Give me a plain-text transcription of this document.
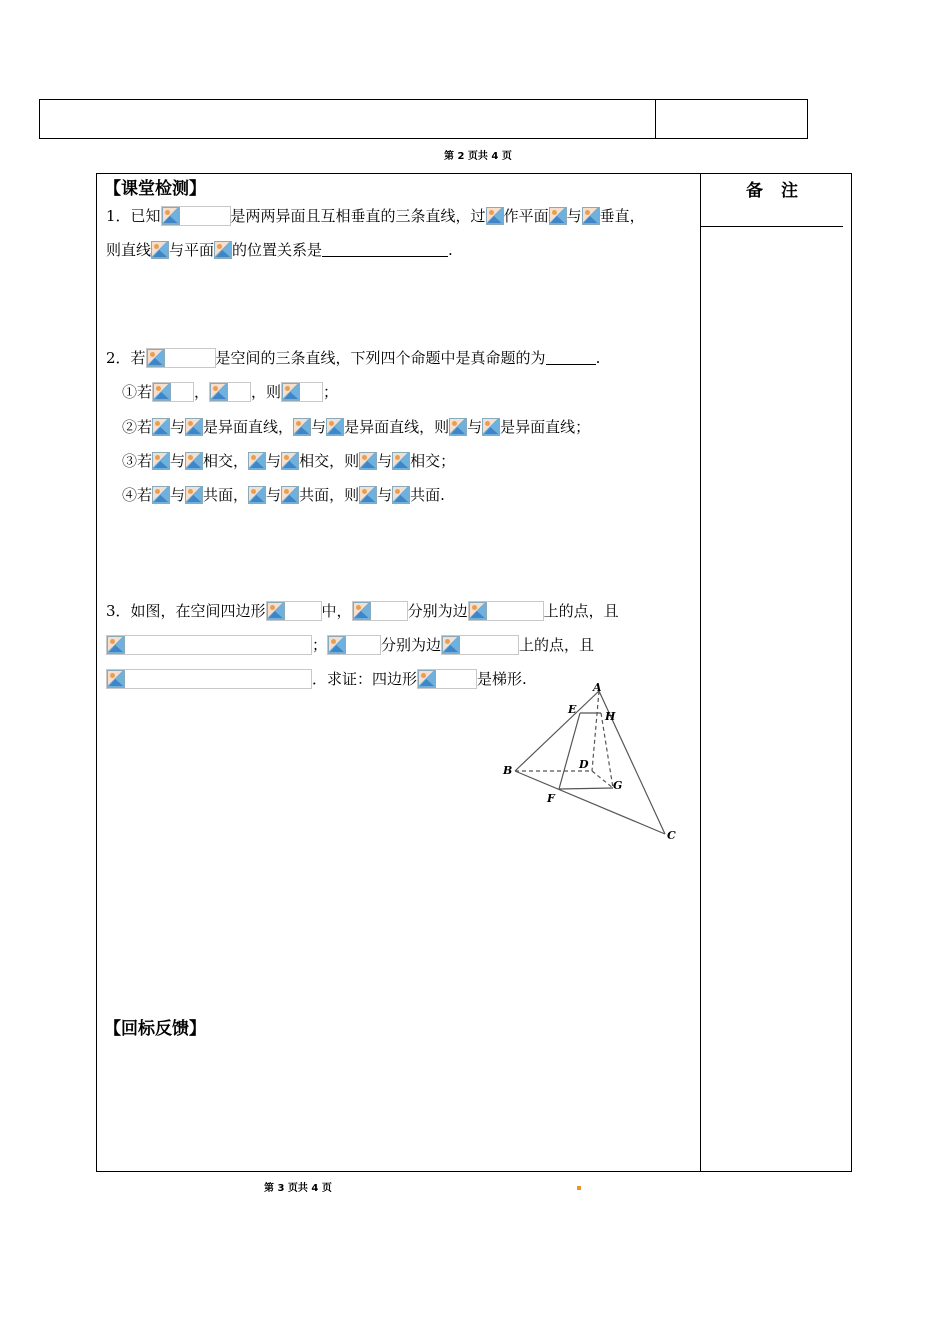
第 2 页共 4 页
备 注
【课堂检测】
1．已知	是两两异面且互相垂直的三条直线，过 作平面 与 垂直，
则直线 与平面 的位置关系是	.
2．若	是空间的三条直线，下列四个命题中是真命题的为	.
①若	，	，则	；
②若 与 是异面直线， 与 是异面直线，则 与 是异面直线；
③若 与 相交， 与 相交，则 与 相交；
④若 与 共面， 与 共面，则 与 共面.
3．如图，在空间四边形	中，	分别为边	上的点，且
；	分别为边	上的点，且
．求证：四边形	是梯形.	A
E
H
D
B
G
F
C
【回标反馈】
第 3 页共 4 页
